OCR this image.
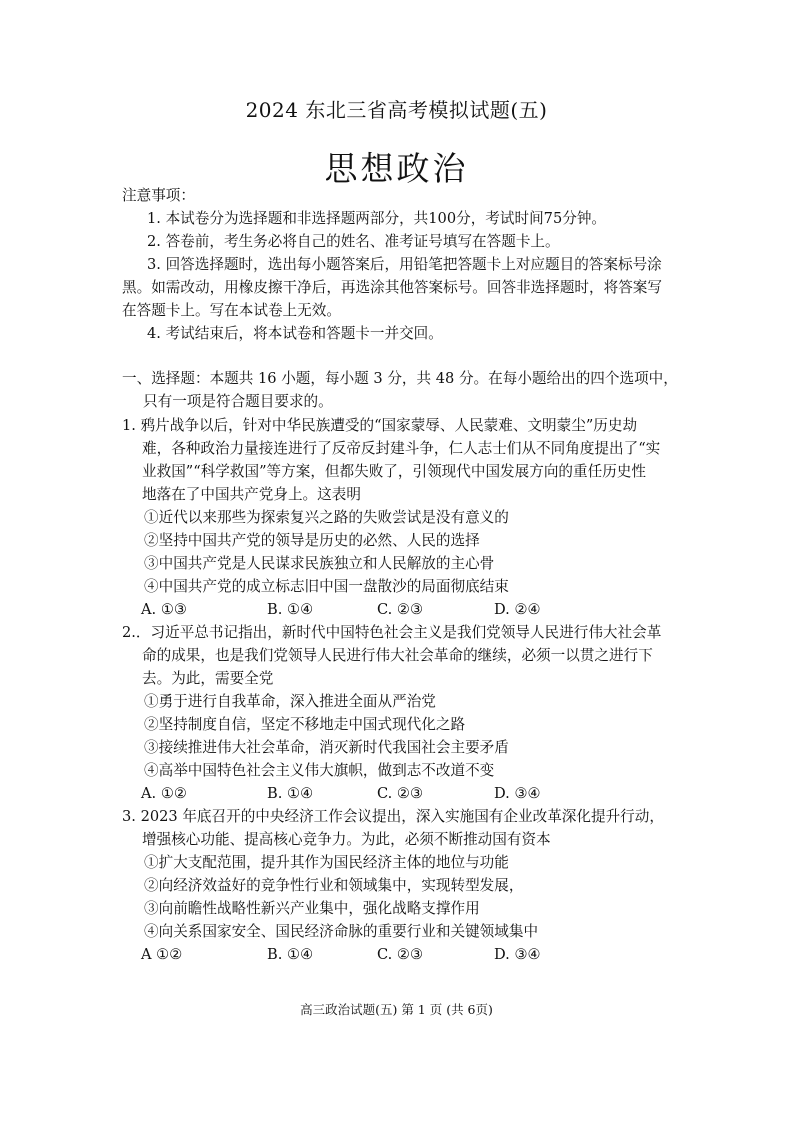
2024 东北三省高考模拟试题(五)
思想政治
注意事项：
1. 本试卷分为选择题和非选择题两部分，共100分，考试时间75分钟。
2. 答卷前，考生务必将自己的姓名、准考证号填写在答题卡上。
3. 回答选择题时，选出每小题答案后，用铅笔把答题卡上对应题目的答案标号涂
黑。如需改动，用橡皮擦干净后，再选涂其他答案标号。回答非选择题时，将答案写
在答题卡上。写在本试卷上无效。
4. 考试结束后，将本试卷和答题卡一并交回。
一、选择题：本题共 16 小题，每小题 3 分，共 48 分。在每小题给出的四个选项中，
只有一项是符合题目要求的。
1. 鸦片战争以后，针对中华民族遭受的“国家蒙辱、人民蒙难、文明蒙尘”历史劫
难，各种政治力量接连进行了反帝反封建斗争，仁人志士们从不同角度提出了“实
业救国”“科学救国”等方案，但都失败了，引领现代中国发展方向的重任历史性
地落在了中国共产党身上。这表明
①近代以来那些为探索复兴之路的失败尝试是没有意义的
②坚持中国共产党的领导是历史的必然、人民的选择
③中国共产党是人民谋求民族独立和人民解放的主心骨
④中国共产党的成立标志旧中国一盘散沙的局面彻底结束
A. ①③	B. ①④	C. ②③	D. ②④
2.．习近平总书记指出，新时代中国特色社会主义是我们党领导人民进行伟大社会革
命的成果，也是我们党领导人民进行伟大社会革命的继续，必须一以贯之进行下
去。为此，需要全党
①勇于进行自我革命，深入推进全面从严治党
②坚持制度自信，坚定不移地走中国式现代化之路
③接续推进伟大社会革命，消灭新时代我国社会主要矛盾
④高举中国特色社会主义伟大旗帜，做到志不改道不变
A. ①②	B. ①④	C. ②③	D. ③④
3. 2023 年底召开的中央经济工作会议提出，深入实施国有企业改革深化提升行动，
增强核心功能、提高核心竞争力。为此，必须不断推动国有资本
①扩大支配范围，提升其作为国民经济主体的地位与功能
②向经济效益好的竞争性行业和领域集中，实现转型发展，
③向前瞻性战略性新兴产业集中，强化战略支撑作用
④向关系国家安全、国民经济命脉的重要行业和关键领域集中
A ①②	B. ①④	C. ②③	D. ③④
高三政治试题(五) 第 1 页 (共 6页)
